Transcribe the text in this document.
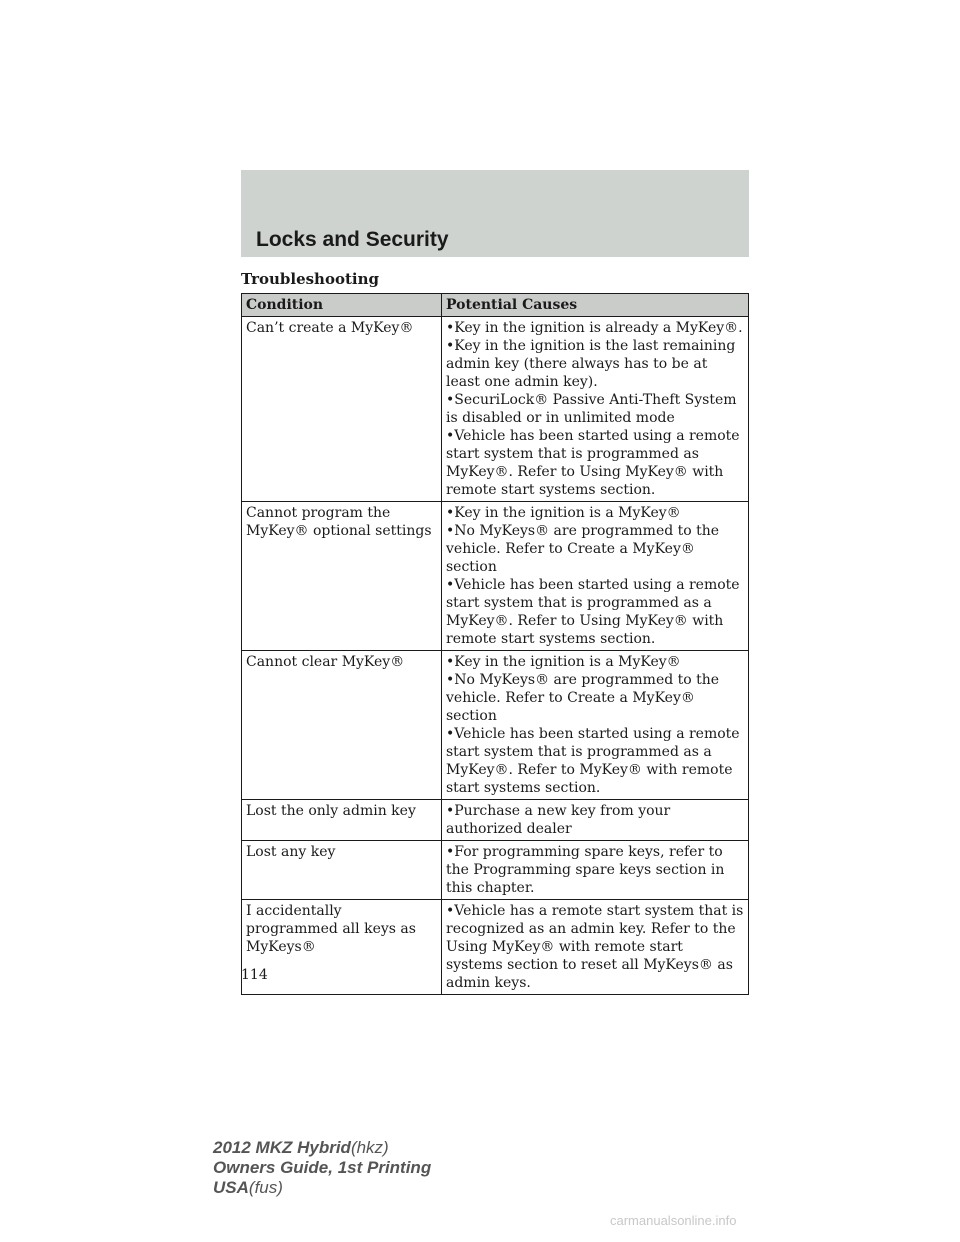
Locks and Security
Troubleshooting
Condition	Potential Causes
Can’t create a MyKey®	•Key in the ignition is already a MyKey®.
•Key in the ignition is the last remaining admin key (there always has to be at least one admin key).
•SecuriLock® Passive Anti-Theft System is disabled or in unlimited mode
•Vehicle has been started using a remote start system that is programmed as MyKey®. Refer to Using MyKey® with remote start systems section.

Cannot program the MyKey® optional settings	•Key in the ignition is a MyKey®
•No MyKeys® are programmed to the vehicle. Refer to Create a MyKey® section
•Vehicle has been started using a remote start system that is programmed as a MyKey®. Refer to Using MyKey® with remote start systems section.

Cannot clear MyKey®	•Key in the ignition is a MyKey®
•No MyKeys® are programmed to the vehicle. Refer to Create a MyKey® section
•Vehicle has been started using a remote start system that is programmed as a MyKey®. Refer to MyKey® with remote start systems section.

Lost the only admin key	•Purchase a new key from your authorized dealer

Lost any key	•For programming spare keys, refer to the Programming spare keys section in this chapter.

I accidentally programmed all keys as MyKeys®	•Vehicle has a remote start system that is recognized as an admin key. Refer to the Using MyKey® with remote start systems section to reset all MyKeys® as admin keys.
114
2012 MKZ Hybrid(hkz)
Owners Guide, 1st Printing
USA(fus)
carmanualsonline.info
